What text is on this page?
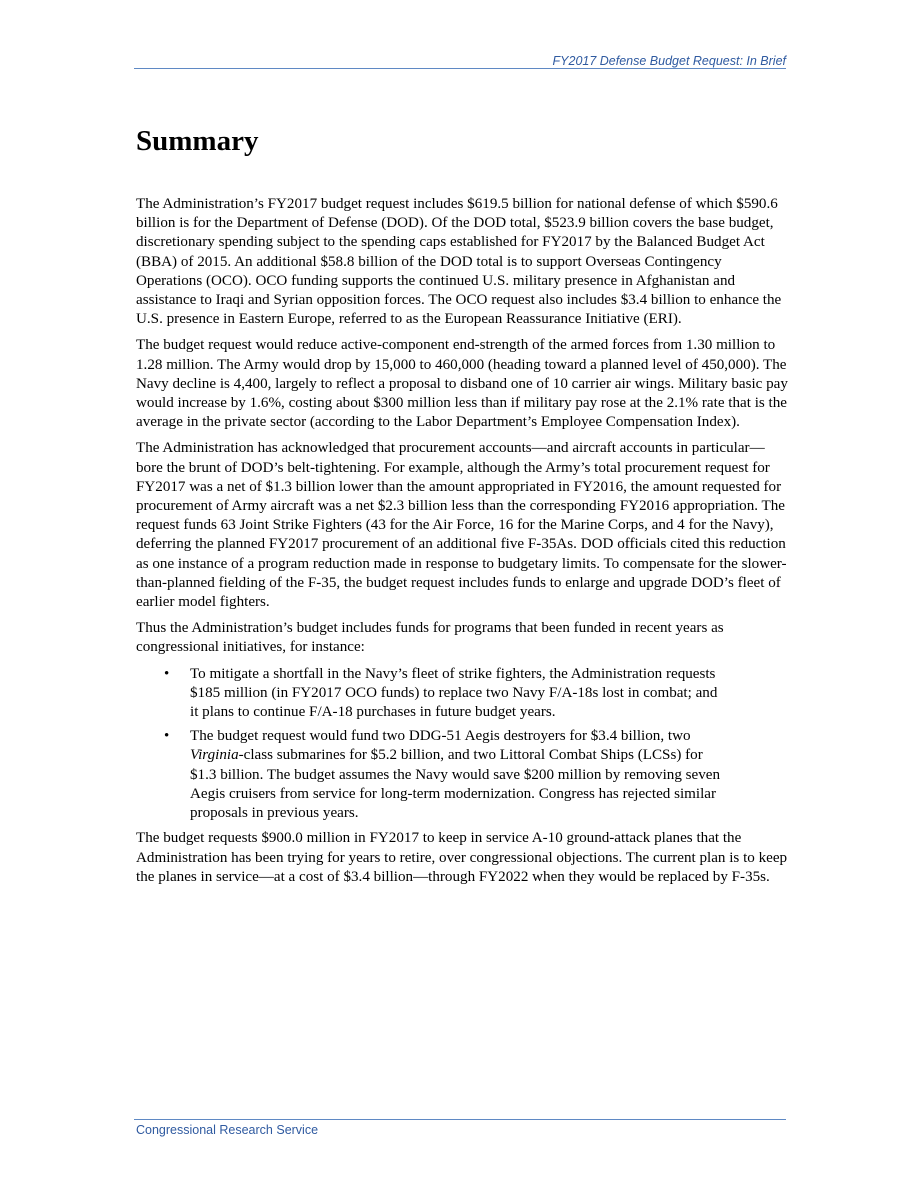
FY2017 Defense Budget Request: In Brief
Summary

The Administration’s FY2017 budget request includes $619.5 billion for national defense of which $590.6 billion is for the Department of Defense (DOD). Of the DOD total, $523.9 billion covers the base budget, discretionary spending subject to the spending caps established for FY2017 by the Balanced Budget Act (BBA) of 2015. An additional $58.8 billion of the DOD total is to support Overseas Contingency Operations (OCO). OCO funding supports the continued U.S. military presence in Afghanistan and assistance to Iraqi and Syrian opposition forces. The OCO request also includes $3.4 billion to enhance the U.S. presence in Eastern Europe, referred to as the European Reassurance Initiative (ERI).

The budget request would reduce active-component end-strength of the armed forces from 1.30 million to 1.28 million. The Army would drop by 15,000 to 460,000 (heading toward a planned level of 450,000). The Navy decline is 4,400, largely to reflect a proposal to disband one of 10 carrier air wings. Military basic pay would increase by 1.6%, costing about $300 million less than if military pay rose at the 2.1% rate that is the average in the private sector (according to the Labor Department’s Employee Compensation Index).

The Administration has acknowledged that procurement accounts—and aircraft accounts in particular—bore the brunt of DOD’s belt-tightening. For example, although the Army’s total procurement request for FY2017 was a net of $1.3 billion lower than the amount appropriated in FY2016, the amount requested for procurement of Army aircraft was a net $2.3 billion less than the corresponding FY2016 appropriation. The request funds 63 Joint Strike Fighters (43 for the Air Force, 16 for the Marine Corps, and 4 for the Navy), deferring the planned FY2017 procurement of an additional five F-35As. DOD officials cited this reduction as one instance of a program reduction made in response to budgetary limits. To compensate for the slower-than-planned fielding of the F-35, the budget request includes funds to enlarge and upgrade DOD’s fleet of earlier model fighters.

Thus the Administration’s budget includes funds for programs that been funded in recent years as congressional initiatives, for instance:

• To mitigate a shortfall in the Navy’s fleet of strike fighters, the Administration requests $185 million (in FY2017 OCO funds) to replace two Navy F/A-18s lost in combat; and it plans to continue F/A-18 purchases in future budget years.
• The budget request would fund two DDG-51 Aegis destroyers for $3.4 billion, two Virginia-class submarines for $5.2 billion, and two Littoral Combat Ships (LCSs) for $1.3 billion. The budget assumes the Navy would save $200 million by removing seven Aegis cruisers from service for long-term modernization. Congress has rejected similar proposals in previous years.

The budget requests $900.0 million in FY2017 to keep in service A-10 ground-attack planes that the Administration has been trying for years to retire, over congressional objections. The current plan is to keep the planes in service—at a cost of $3.4 billion—through FY2022 when they would be replaced by F-35s.

Congressional Research Service
